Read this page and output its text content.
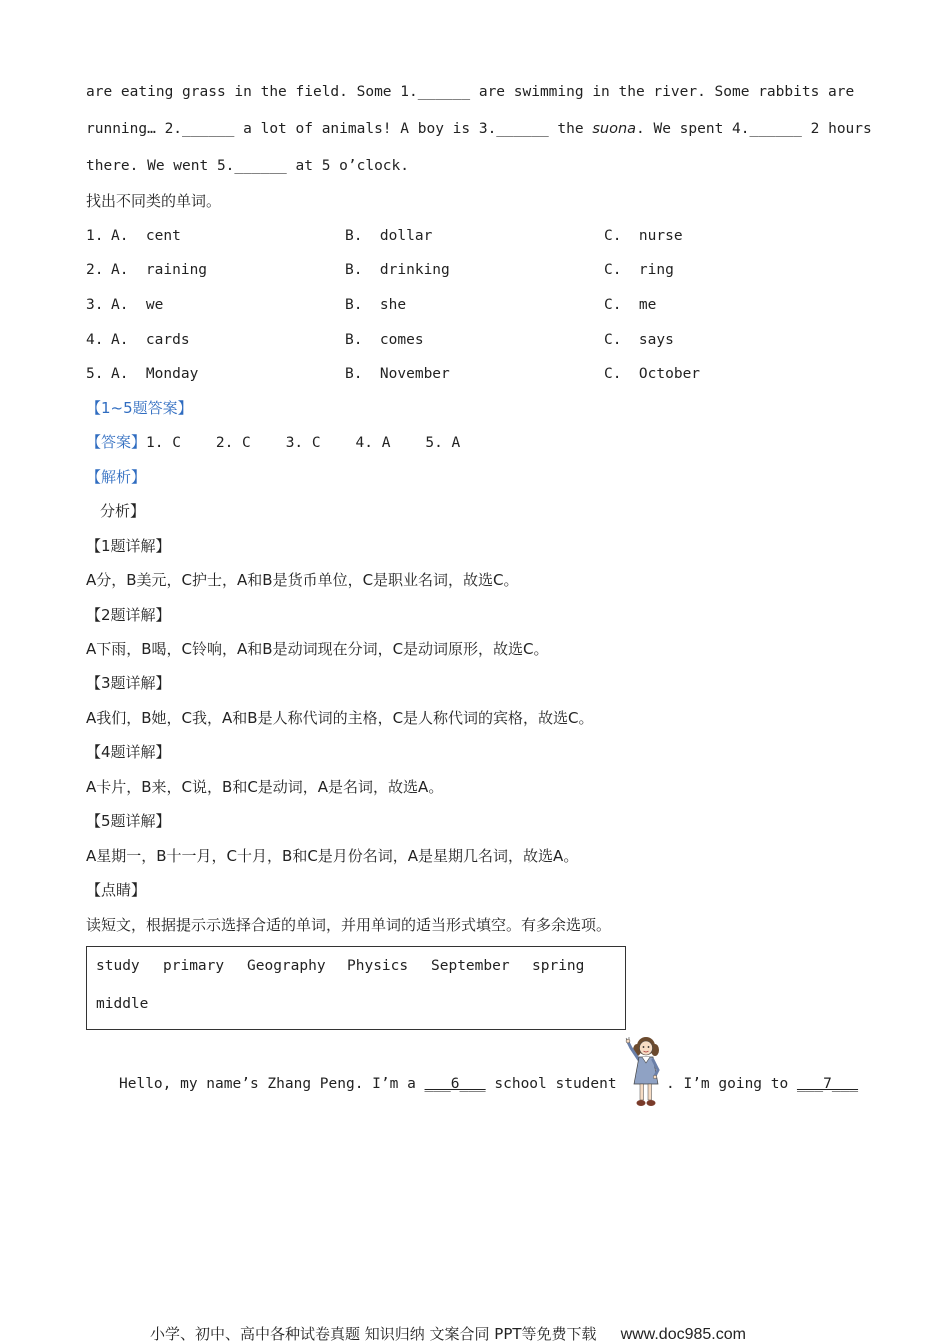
are eating grass in the field. Some 1.______ are swimming in the river. Some rabbits are
running… 2.______ a lot of animals! A boy is 3.______ the suona. We spent 4.______ 2 hours
there. We went 5.______ at 5 o’clock.
找出不同类的单词。
1. A.  cent	B.  dollar	C.  nurse
2. A.  raining	B.  drinking	C.  ring
3. A.  we	B.  she	C.  me
4. A.  cards	B.  comes	C.  says
5. A.  Monday	B.  November	C.  October
【1~5题答案】
【答案】1. C    2. C    3. C    4. A    5. A
【解析】
分析】
【1题详解】
A分，B美元，C护士，A和B是货币单位，C是职业名词，故选C。
【2题详解】
A下雨，B喝，C铃响，A和B是动词现在分词，C是动词原形，故选C。
【3题详解】
A我们，B她，C我，A和B是人称代词的主格，C是人称代词的宾格，故选C。
【4题详解】
A卡片，B来，C说，B和C是动词，A是名词，故选A。
【5题详解】
A星期一，B十一月，C十月，B和C是月份名词，A是星期几名词，故选A。
【点睛】
读短文，根据提示示选择合适的单词，并用单词的适当形式填空。有多余选项。
study primary Geography Physics September spring
middle
Hello, my name’s Zhang Peng. I’m a ___6___ school student	. I’m going to ___7___
小学、初中、高中各种试卷真题 知识归纳 文案合同 PPT等免费下载 www.doc985.com
